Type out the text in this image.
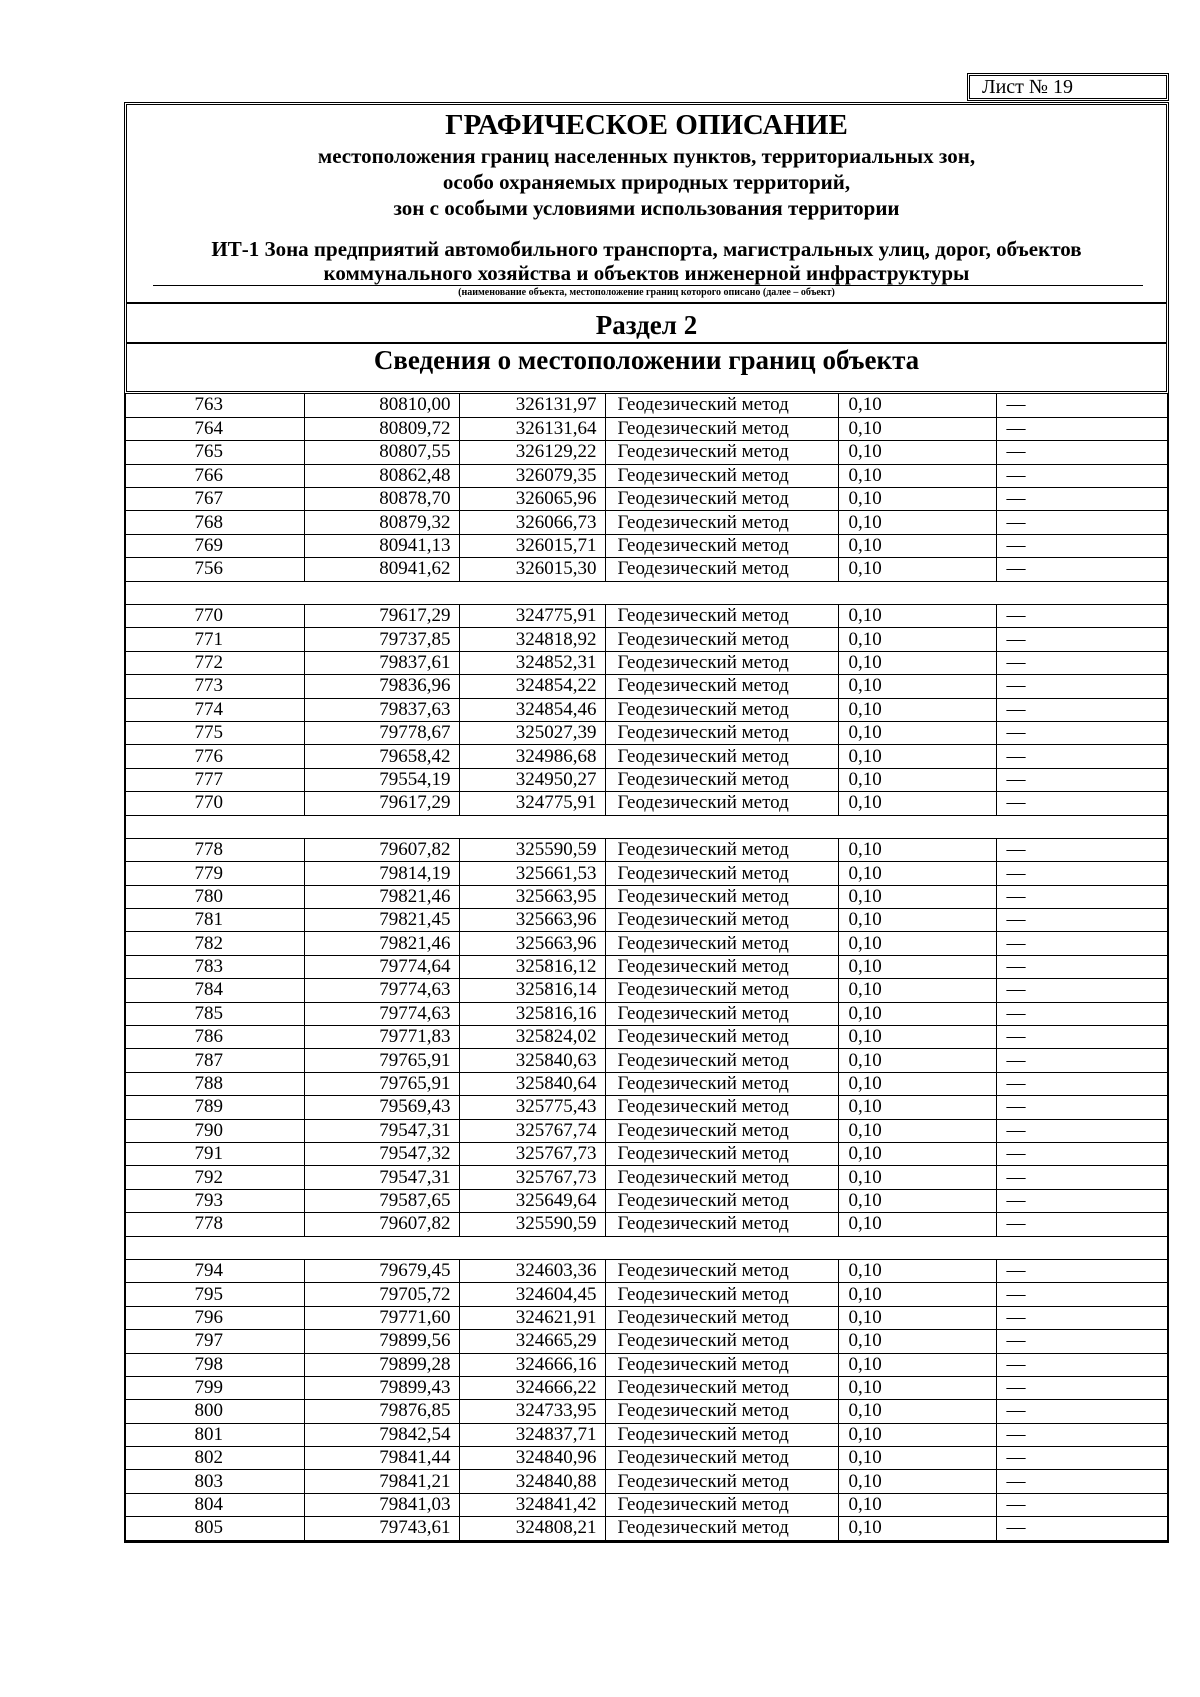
Лист № 19
ГРАФИЧЕСКОЕ ОПИСАНИЕ
местоположения границ населенных пунктов, территориальных зон,
особо охраняемых природных территорий,
зон с особыми условиями использования территории
ИТ-1 Зона предприятий автомобильного транспорта, магистральных улиц, дорог, объектов
коммунального хозяйства и объектов инженерной инфраструктуры
(наименование объекта, местоположение границ которого описано (далее – объект)
Раздел 2
Сведения о местоположении границ объекта
763	80810,00	326131,97	Геодезический метод	0,10	—
764	80809,72	326131,64	Геодезический метод	0,10	—
765	80807,55	326129,22	Геодезический метод	0,10	—
766	80862,48	326079,35	Геодезический метод	0,10	—
767	80878,70	326065,96	Геодезический метод	0,10	—
768	80879,32	326066,73	Геодезический метод	0,10	—
769	80941,13	326015,71	Геодезический метод	0,10	—
756	80941,62	326015,30	Геодезический метод	0,10	—

770	79617,29	324775,91	Геодезический метод	0,10	—
771	79737,85	324818,92	Геодезический метод	0,10	—
772	79837,61	324852,31	Геодезический метод	0,10	—
773	79836,96	324854,22	Геодезический метод	0,10	—
774	79837,63	324854,46	Геодезический метод	0,10	—
775	79778,67	325027,39	Геодезический метод	0,10	—
776	79658,42	324986,68	Геодезический метод	0,10	—
777	79554,19	324950,27	Геодезический метод	0,10	—
770	79617,29	324775,91	Геодезический метод	0,10	—

778	79607,82	325590,59	Геодезический метод	0,10	—
779	79814,19	325661,53	Геодезический метод	0,10	—
780	79821,46	325663,95	Геодезический метод	0,10	—
781	79821,45	325663,96	Геодезический метод	0,10	—
782	79821,46	325663,96	Геодезический метод	0,10	—
783	79774,64	325816,12	Геодезический метод	0,10	—
784	79774,63	325816,14	Геодезический метод	0,10	—
785	79774,63	325816,16	Геодезический метод	0,10	—
786	79771,83	325824,02	Геодезический метод	0,10	—
787	79765,91	325840,63	Геодезический метод	0,10	—
788	79765,91	325840,64	Геодезический метод	0,10	—
789	79569,43	325775,43	Геодезический метод	0,10	—
790	79547,31	325767,74	Геодезический метод	0,10	—
791	79547,32	325767,73	Геодезический метод	0,10	—
792	79547,31	325767,73	Геодезический метод	0,10	—
793	79587,65	325649,64	Геодезический метод	0,10	—
778	79607,82	325590,59	Геодезический метод	0,10	—

794	79679,45	324603,36	Геодезический метод	0,10	—
795	79705,72	324604,45	Геодезический метод	0,10	—
796	79771,60	324621,91	Геодезический метод	0,10	—
797	79899,56	324665,29	Геодезический метод	0,10	—
798	79899,28	324666,16	Геодезический метод	0,10	—
799	79899,43	324666,22	Геодезический метод	0,10	—
800	79876,85	324733,95	Геодезический метод	0,10	—
801	79842,54	324837,71	Геодезический метод	0,10	—
802	79841,44	324840,96	Геодезический метод	0,10	—
803	79841,21	324840,88	Геодезический метод	0,10	—
804	79841,03	324841,42	Геодезический метод	0,10	—
805	79743,61	324808,21	Геодезический метод	0,10	—
